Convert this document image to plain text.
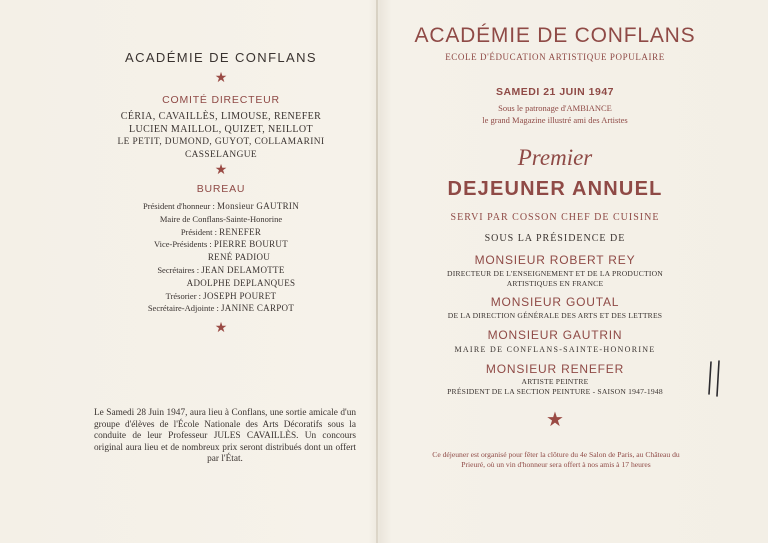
ACADÉMIE DE CONFLANS
★
COMITÉ DIRECTEUR
CÉRIA, CAVAILLÈS, LIMOUSE, RENEFER
LUCIEN MAILLOL, QUIZET, NEILLOT
LE PETIT, DUMOND, GUYOT, COLLAMARINI
CASSELANGUE
★
BUREAU
Président d'honneur : Monsieur GAUTRIN
Maire de Conflans-Sainte-Honorine
Président : RENEFER
Vice-Présidents : PIERRE BOURUT
RENÉ PADIOU
Secrétaires : JEAN DELAMOTTE
ADOLPHE DEPLANQUES
Trésorier : JOSEPH POURET
Secrétaire-Adjointe : JANINE CARPOT
★
Le Samedi 28 Juin 1947, aura lieu à Conflans, une sortie amicale d'un groupe d'élèves de l'École Nationale des Arts Décoratifs sous la conduite de leur Professeur JULES CAVAILLÈS. Un concours original aura lieu et de nombreux prix seront distribués dont un offert par l'État.
ACADÉMIE DE CONFLANS
ECOLE D'ÉDUCATION ARTISTIQUE POPULAIRE
SAMEDI 21 JUIN 1947
Sous le patronage d'AMBIANCE
le grand Magazine illustré ami des Artistes
Premier
DEJEUNER ANNUEL
SERVI PAR COSSON CHEF DE CUISINE
SOUS LA PRÉSIDENCE DE
MONSIEUR ROBERT REY
DIRECTEUR DE L'ENSEIGNEMENT ET DE LA PRODUCTION
ARTISTIQUES EN FRANCE
MONSIEUR GOUTAL
DE LA DIRECTION GÉNÉRALE DES ARTS ET DES LETTRES
MONSIEUR GAUTRIN
MAIRE DE CONFLANS-SAINTE-HONORINE
MONSIEUR RENEFER
ARTISTE PEINTRE
PRÉSIDENT DE LA SECTION PEINTURE - SAISON 1947-1948
★
Ce déjeuner est organisé pour fêter la clôture du 4e Salon de Paris, au Château du Prieuré, où un vin d'honneur sera offert à nos amis à 17 heures
